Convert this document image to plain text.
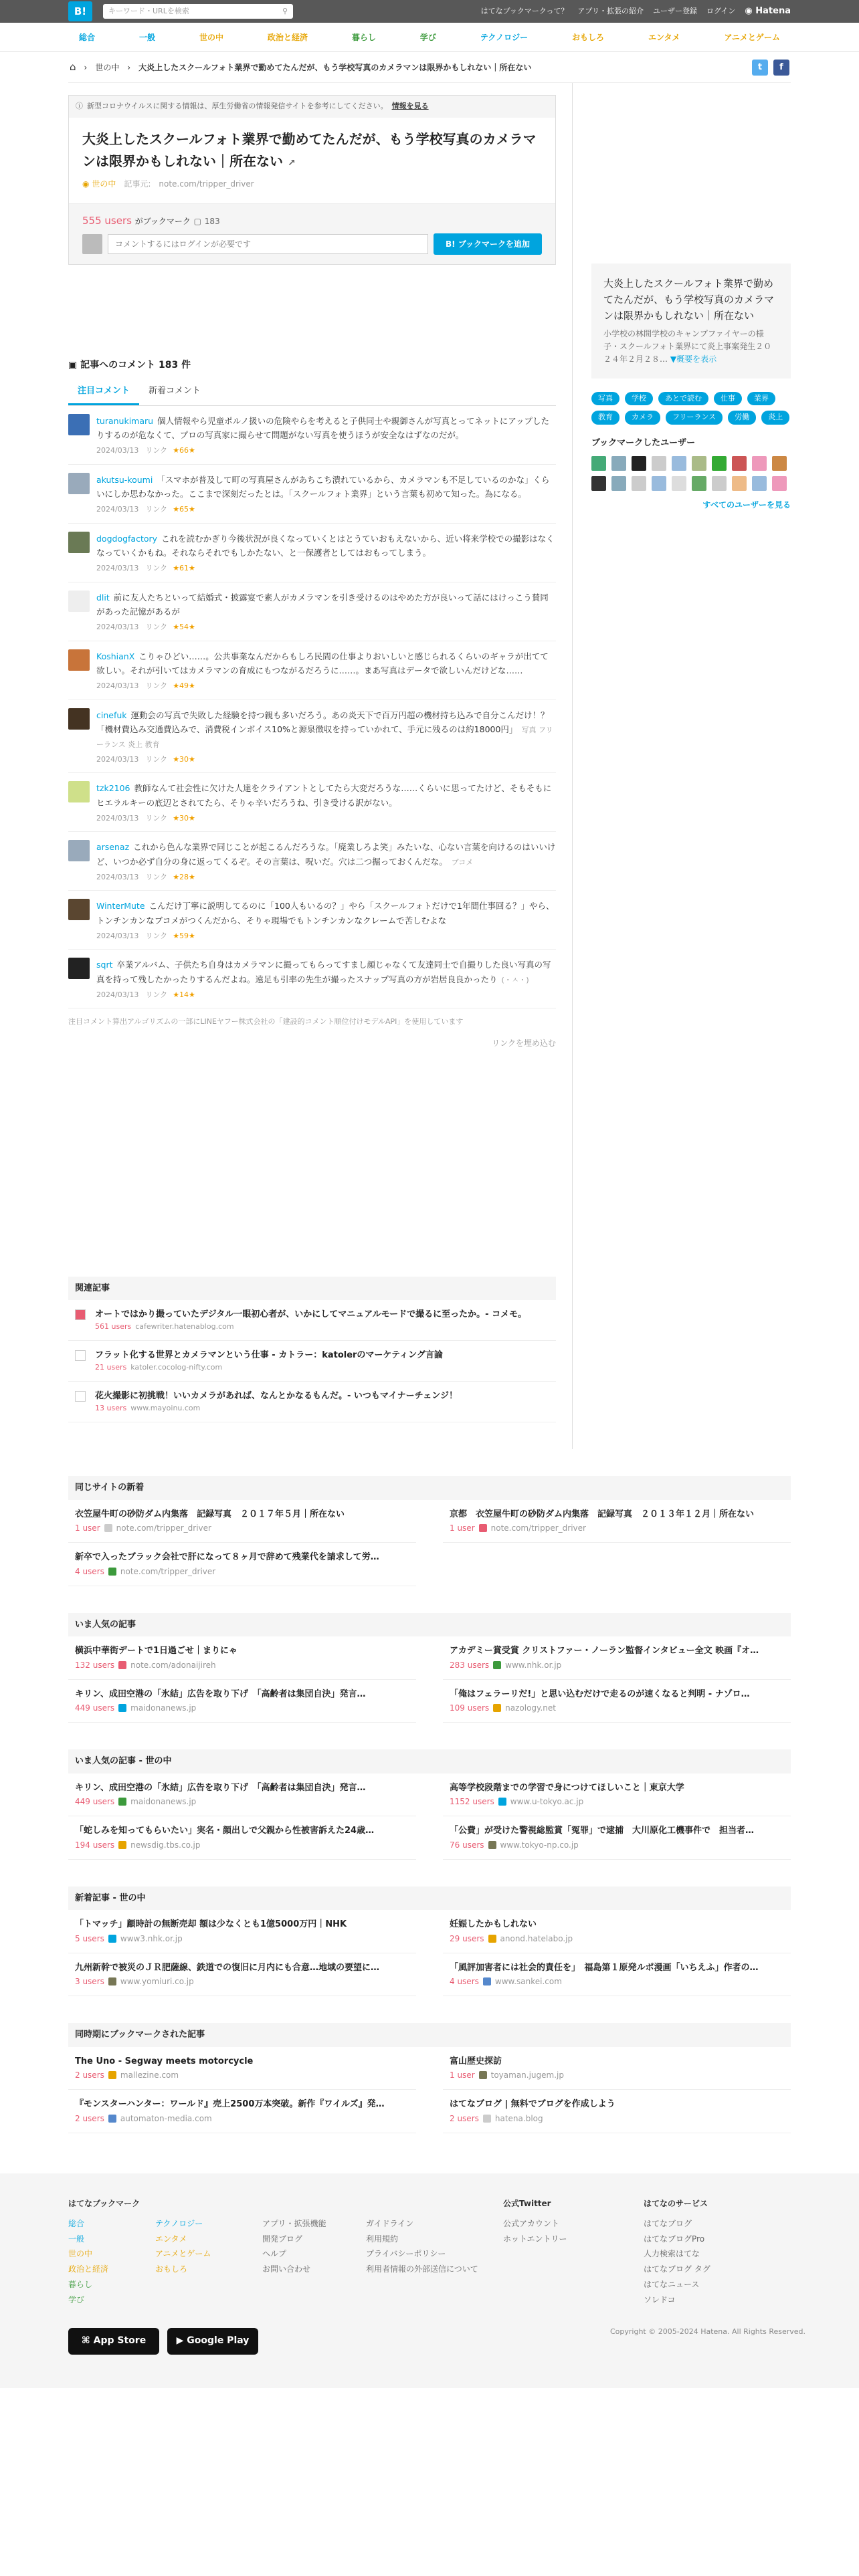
B!	キーワード・URLを検索	⚲	はてなブックマークって？ アプリ・拡張の紹介 ユーザー登録 ログイン ◉ Hatena
総合	一般	世の中	政治と経済	暮らし	学び	テクノロジー	おもしろ	エンタメ	アニメとゲーム
⌂ › 世の中 › 大炎上したスクールフォト業界で勤めてたんだが、もう学校写真のカメラマンは限界かもしれない｜所在ない	t	f
ⓘ 新型コロナウイルスに関する情報は、厚生労働省の情報発信サイトを参考にしてください。 情報を見る
大炎上したスクールフォト業界で勤めてたんだが、もう学校写真のカメラマンは限界かもしれない｜所在ない ↗
◉ 世の中 記事元: note.com/tripper_driver
555 users がブックマーク ▢ 183
コメントするにはログインが必要です
B! ブックマークを追加
▣ 記事へのコメント 183 件
注目コメント	新着コメント
turanukimaru 個人情報やら児童ポルノ扱いの危険やらを考えると子供同士や親御さんが写真とってネットにアップしたりするのが危なくて、プロの写真家に撮らせて問題がない写真を使うほうが安全なはずなのだが。
2024/03/13 リンク ★66★
akutsu-koumi 「スマホが普及して町の写真屋さんがあちこち潰れているから、カメラマンも不足しているのかな」くらいにしか思わなかった。ここまで深刻だったとは。「スクールフォト業界」という言葉も初めて知った。為になる。
2024/03/13 リンク ★65★
dogdogfactory これを読むかぎり今後状況が良くなっていくとはとうていおもえないから、近い将来学校での撮影はなくなっていくかもね。それならそれでもしかたない、と一保護者としてはおもってしまう。
2024/03/13 リンク ★61★
dlit 前に友人たちといって結婚式・披露宴で素人がカメラマンを引き受けるのはやめた方が良いって話にはけっこう賛同があった記憶があるが
2024/03/13 リンク ★54★
KoshianX こりゃひどい……。公共事業なんだからもしろ民間の仕事よりおいしいと感じられるくらいのギャラが出てて欲しい。それが引いてはカメラマンの育成にもつながるだろうに……。まあ写真はデータで欲しいんだけどな……
2024/03/13 リンク ★49★
cinefuk 運動会の写真で失敗した経験を持つ親も多いだろう。あの炎天下で百万円超の機材持ち込みで自分こんだけ！？「機材費込み交通費込みで、消費税インボイス10%と源泉徴収を持っていかれて、手元に残るのは約18000円」 写真 フリーランス 炎上 教育
2024/03/13 リンク ★30★
tzk2106 教師なんて社会性に欠けた人達をクライアントとしてたら大変だろうな……くらいに思ってたけど、そもそもにヒエラルキーの底辺とされてたら、そりゃ辛いだろうね、引き受ける訳がない。
2024/03/13 リンク ★30★
arsenaz これから色んな業界で同じことが起こるんだろうな。「廃業しろよ笑」みたいな、心ない言葉を向けるのはいいけど、いつか必ず自分の身に返ってくるぞ。その言葉は、呪いだ。穴は二つ掘っておくんだな。 ブコメ
2024/03/13 リンク ★28★
WinterMute こんだけ丁寧に説明してるのに「100人もいるの？」やら「スクールフォトだけで1年間仕事回る？」やら、トンチンカンなブコメがつくんだから、そりゃ現場でもトンチンカンなクレームで苦しむよな
2024/03/13 リンク ★59★
sqrt 卒業アルバム、子供たち自身はカメラマンに撮ってもらってすまし顔じゃなくて友達同士で自撮りした良い写真の写真を持って残したかったりするんだよね。遠足も引率の先生が撮ったスナップ写真の方が岩居良良かったり (・ㅅ・)
2024/03/13 リンク ★14★
注目コメント算出アルゴリズムの一部にLINEヤフー株式会社の「建設的コメント順位付けモデルAPI」を使用しています
リンクを埋め込む
関連記事
オートではかり撮っていたデジタル一眼初心者が、いかにしてマニュアルモードで撮るに至ったか。- コメモ。
561 users cafewriter.hatenablog.com
フラット化する世界とカメラマンという仕事 - カトラー：katolerのマーケティング言論
21 users katoler.cocolog-nifty.com
花火撮影に初挑戦！いいカメラがあれば、なんとかなるもんだ。- いつもマイナーチェンジ！
13 users www.mayoinu.com
大炎上したスクールフォト業界で勤めてたんだが、もう学校写真のカメラマンは限界かもしれない｜所在ない
小学校の林間学校のキャンプファイヤーの様子・スクールフォト業界にて炎上事案発生２０２４年２月２８… ▼概要を表示
写真	学校	あとで読む	仕事	業界
教育	カメラ	フリーランス	労働	炎上
ブックマークしたユーザー
すべてのユーザーを見る
同じサイトの新着
衣笠屋牛町の砂防ダム内集落　記録写真　２０１７年５月｜所在ない
1 user note.com/tripper_driver
京都　衣笠屋牛町の砂防ダム内集落　記録写真　２０１３年１２月｜所在ない
1 user note.com/tripper_driver
新卒で入ったブラック会社で肝になって８ヶ月で辞めて残業代を請求して労…
4 users note.com/tripper_driver
いま人気の記事
横浜中華街デートで1日過ごせ｜まりにゃ
132 users note.com/adonaijireh
アカデミー賞受賞 クリストファー・ノーラン監督インタビュー全文 映画『オ…
283 users www.nhk.or.jp
キリン、成田空港の「氷結」広告を取り下げ　「高齢者は集団自決」発言…
449 users maidonanews.jp
「俺はフェラーリだ!」と思い込むだけで走るのが速くなると判明 - ナゾロ…
109 users nazology.net
いま人気の記事 - 世の中
キリン、成田空港の「氷結」広告を取り下げ　「高齢者は集団自決」発言…
449 users maidonanews.jp
高等学校段階までの学習で身につけてほしいこと｜東京大学
1152 users www.u-tokyo.ac.jp
「蛇しみを知ってもらいたい」実名・顔出しで父親から性被害訴えた24歳…
194 users newsdig.tbs.co.jp
「公費」が受けた警視総監賞「冤罪」で逮捕　大川原化工機事件で　担当者…
76 users www.tokyo-np.co.jp
新着記事 - 世の中
「トマッチ」顧時計の無断売却 額は少なくとも1億5000万円｜NHK
5 users www3.nhk.or.jp
妊娠したかもしれない
29 users anond.hatelabo.jp
九州新幹で被災のＪＲ肥薩線、鉄道での復旧に月内にも合意…地域の要望に…
3 users www.yomiuri.co.jp
「風評加害者には社会的責任を」　福島第１原発ルポ漫画「いちえふ」作者の…
4 users www.sankei.com
同時期にブックマークされた記事
The Uno - Segway meets motorcycle
2 users mallezine.com
富山歴史探訪
1 user toyaman.jugem.jp
『モンスターハンター：ワールド』売上2500万本突破。新作『ワイルズ』発…
2 users automaton-media.com
はてなブログ | 無料でブログを作成しよう
2 users hatena.blog
はてなブックマーク
総合
一般
世の中
政治と経済
暮らし
学び
テクノロジー
エンタメ
アニメとゲーム
おもしろ
アプリ・拡張機能
開発ブログ
ヘルプ
お問い合わせ
ガイドライン
利用規約
プライバシーポリシー
利用者情報の外部送信について
⌘
App Store	▶
Google Play
公式Twitter
公式アカウント
ホットエントリー
はてなのサービス
はてなブログ
はてなブログPro
人力検索はてな
はてなブログ タグ
はてなニュース
ソレドコ
Copyright © 2005-2024 Hatena. All Rights Reserved.
